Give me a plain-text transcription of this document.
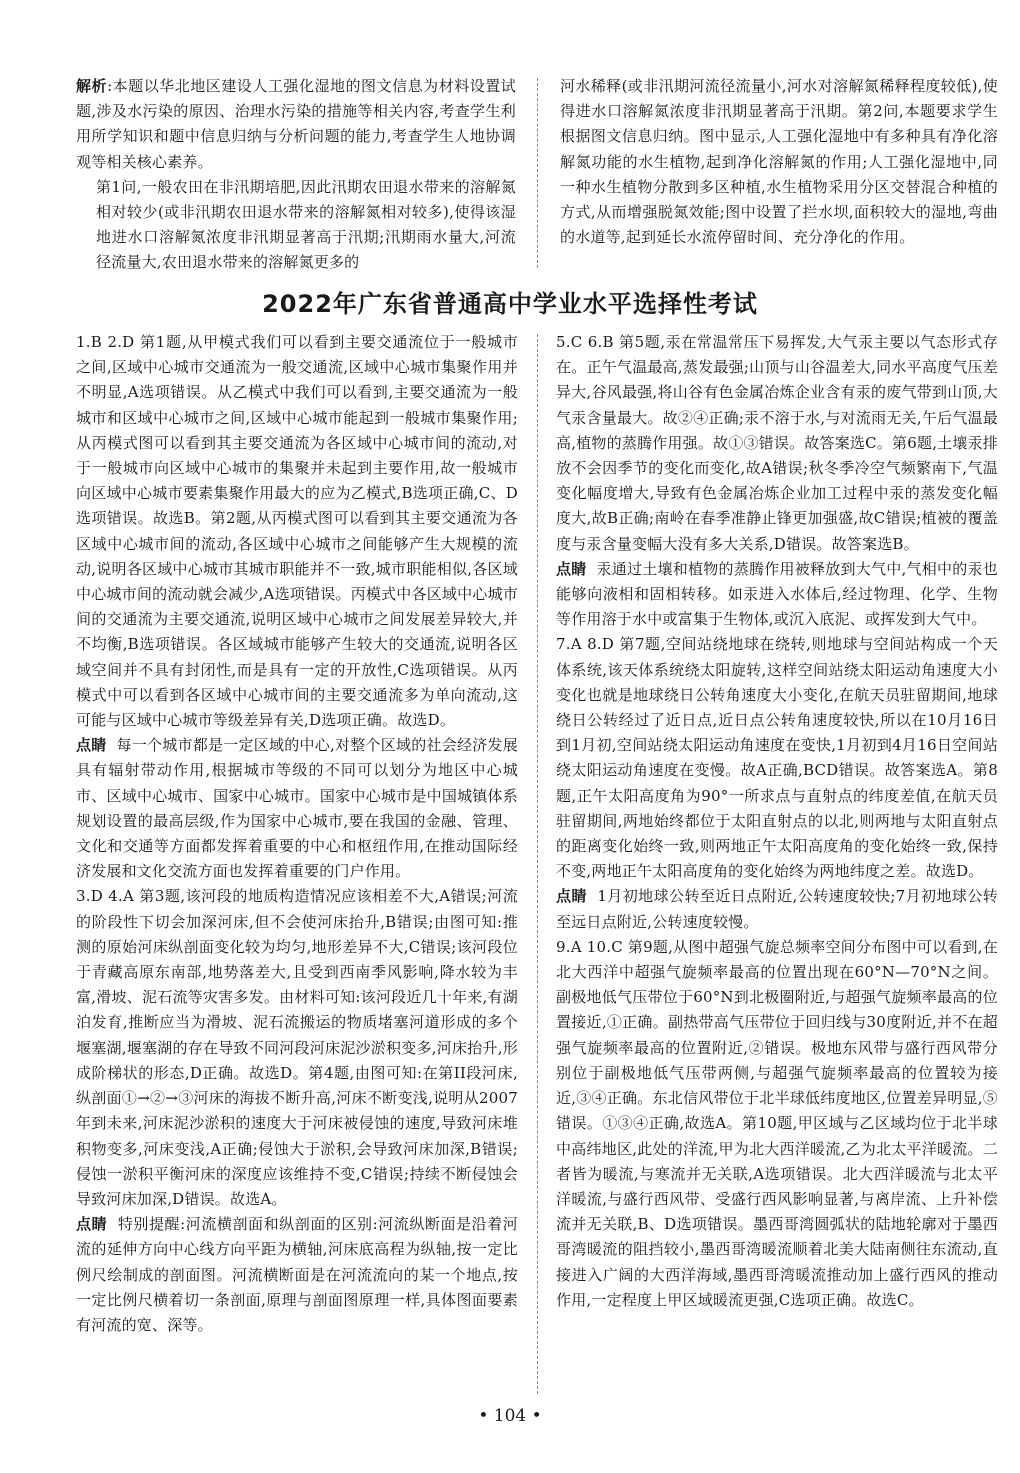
解析:本题以华北地区建设人工强化湿地的图文信息为材料设置试题,涉及水污染的原因、治理水污染的措施等相关内容,考查学生利用所学知识和题中信息归纳与分析问题的能力,考查学生人地协调观等相关核心素养。

第1问,一般农田在非汛期培肥,因此汛期农田退水带来的溶解氮相对较少(或非汛期农田退水带来的溶解氮相对较多),使得该湿地进水口溶解氮浓度非汛期显著高于汛期;汛期雨水量大,河流径流量大,农田退水带来的溶解氮更多的

河水稀释(或非汛期河流径流量小,河水对溶解氮稀释程度较低),使得进水口溶解氮浓度非汛期显著高于汛期。第2问,本题要求学生根据图文信息归纳。图中显示,人工强化湿地中有多种具有净化溶解氮功能的水生植物,起到净化溶解氮的作用;人工强化湿地中,同一种水生植物分散到多区种植,水生植物采用分区交替混合种植的方式,从而增强脱氮效能;图中设置了拦水坝,面积较大的湿地,弯曲的水道等,起到延长水流停留时间、充分净化的作用。

2022年广东省普通高中学业水平选择性考试

1.B 2.D 第1题,从甲模式我们可以看到主要交通流位于一般城市之间,区域中心城市交通流为一般交通流,区域中心城市集聚作用并不明显,A选项错误。从乙模式中我们可以看到,主要交通流为一般城市和区域中心城市之间,区域中心城市能起到一般城市集聚作用;从丙模式图可以看到其主要交通流为各区域中心城市间的流动,对于一般城市向区域中心城市的集聚并未起到主要作用,故一般城市向区域中心城市要素集聚作用最大的应为乙模式,B选项正确,C、D选项错误。故选B。第2题,从丙模式图可以看到其主要交通流为各区域中心城市间的流动,各区域中心城市之间能够产生大规模的流动,说明各区域中心城市其城市职能并不一致,城市职能相似,各区域中心城市间的流动就会减少,A选项错误。丙模式中各区域中心城市间的交通流为主要交通流,说明区域中心城市之间发展差异较大,并不均衡,B选项错误。各区域城市能够产生较大的交通流,说明各区域空间并不具有封闭性,而是具有一定的开放性,C选项错误。从丙模式中可以看到各区域中心城市间的主要交通流多为单向流动,这可能与区域中心城市等级差异有关,D选项正确。故选D。

点睛 每一个城市都是一定区域的中心,对整个区域的社会经济发展具有辐射带动作用,根据城市等级的不同可以划分为地区中心城市、区域中心城市、国家中心城市。国家中心城市是中国城镇体系规划设置的最高层级,作为国家中心城市,要在我国的金融、管理、文化和交通等方面都发挥着重要的中心和枢纽作用,在推动国际经济发展和文化交流方面也发挥着重要的门户作用。

3.D 4.A 第3题,该河段的地质构造情况应该相差不大,A错误;河流的阶段性下切会加深河床,但不会使河床抬升,B错误;由图可知:推测的原始河床纵剖面变化较为均匀,地形差异不大,C错误;该河段位于青藏高原东南部,地势落差大,且受到西南季风影响,降水较为丰富,滑坡、泥石流等灾害多发。由材料可知:该河段近几十年来,有湖泊发育,推断应当为滑坡、泥石流搬运的物质堵塞河道形成的多个堰塞湖,堰塞湖的存在导致不同河段河床泥沙淤积变多,河床抬升,形成阶梯状的形态,D正确。故选D。第4题,由图可知:在第II段河床,纵剖面①→②→③河床的海拔不断升高,河床不断变浅,说明从2007年到未来,河床泥沙淤积的速度大于河床被侵蚀的速度,导致河床堆积物变多,河床变浅,A正确;侵蚀大于淤积,会导致河床加深,B错误;侵蚀一淤积平衡河床的深度应该维持不变,C错误;持续不断侵蚀会导致河床加深,D错误。故选A。

点睛 特别提醒:河流横剖面和纵剖面的区别:河流纵断面是沿着河流的延伸方向中心线方向平距为横轴,河床底高程为纵轴,按一定比例尺绘制成的剖面图。河流横断面是在河流流向的某一个地点,按一定比例尺横着切一条剖面,原理与剖面图原理一样,具体图面要素有河流的宽、深等。

5.C 6.B 第5题,汞在常温常压下易挥发,大气汞主要以气态形式存在。正午气温最高,蒸发最强;山顶与山谷温差大,同水平高度气压差异大,谷风最强,将山谷有色金属冶炼企业含有汞的废气带到山顶,大气汞含量最大。故②④正确;汞不溶于水,与对流雨无关,午后气温最高,植物的蒸腾作用强。故①③错误。故答案选C。第6题,土壤汞排放不会因季节的变化而变化,故A错误;秋冬季冷空气频繁南下,气温变化幅度增大,导致有色金属冶炼企业加工过程中汞的蒸发变化幅度大,故B正确;南岭在春季准静止锋更加强盛,故C错误;植被的覆盖度与汞含量变幅大没有多大关系,D错误。故答案选B。

点睛 汞通过土壤和植物的蒸腾作用被释放到大气中,气相中的汞也能够向液相和固相转移。如汞进入水体后,经过物理、化学、生物等作用溶于水中或富集于生物体,或沉入底泥、或挥发到大气中。

7.A 8.D 第7题,空间站绕地球在绕转,则地球与空间站构成一个天体系统,该天体系统绕太阳旋转,这样空间站绕太阳运动角速度大小变化也就是地球绕日公转角速度大小变化,在航天员驻留期间,地球绕日公转经过了近日点,近日点公转角速度较快,所以在10月16日到1月初,空间站绕太阳运动角速度在变快,1月初到4月16日空间站绕太阳运动角速度在变慢。故A正确,BCD错误。故答案选A。第8题,正午太阳高度角为90°一所求点与直射点的纬度差值,在航天员驻留期间,两地始终都位于太阳直射点的以北,则两地与太阳直射点的距离变化始终一致,则两地正午太阳高度角的变化始终一致,保持不变,两地正午太阳高度角的变化始终为两地纬度之差。故选D。

点睛 1月初地球公转至近日点附近,公转速度较快;7月初地球公转至远日点附近,公转速度较慢。

9.A 10.C 第9题,从图中超强气旋总频率空间分布图中可以看到,在北大西洋中超强气旋频率最高的位置出现在60°N—70°N之间。副极地低气压带位于60°N到北极圈附近,与超强气旋频率最高的位置接近,①正确。副热带高气压带位于回归线与30度附近,并不在超强气旋频率最高的位置附近,②错误。极地东风带与盛行西风带分别位于副极地低气压带两侧,与超强气旋频率最高的位置较为接近,③④正确。东北信风带位于北半球低纬度地区,位置差异明显,⑤错误。①③④正确,故选A。第10题,甲区域与乙区域均位于北半球中高纬地区,此处的洋流,甲为北大西洋暖流,乙为北太平洋暖流。二者皆为暖流,与寒流并无关联,A选项错误。北大西洋暖流与北太平洋暖流,与盛行西风带、受盛行西风影响显著,与离岸流、上升补偿流并无关联,B、D选项错误。墨西哥湾圆弧状的陆地轮廓对于墨西哥湾暖流的阻挡较小,墨西哥湾暖流顺着北美大陆南侧往东流动,直接进入广阔的大西洋海域,墨西哥湾暖流推动加上盛行西风的推动作用,一定程度上甲区域暖流更强,C选项正确。故选C。

• 104 •
